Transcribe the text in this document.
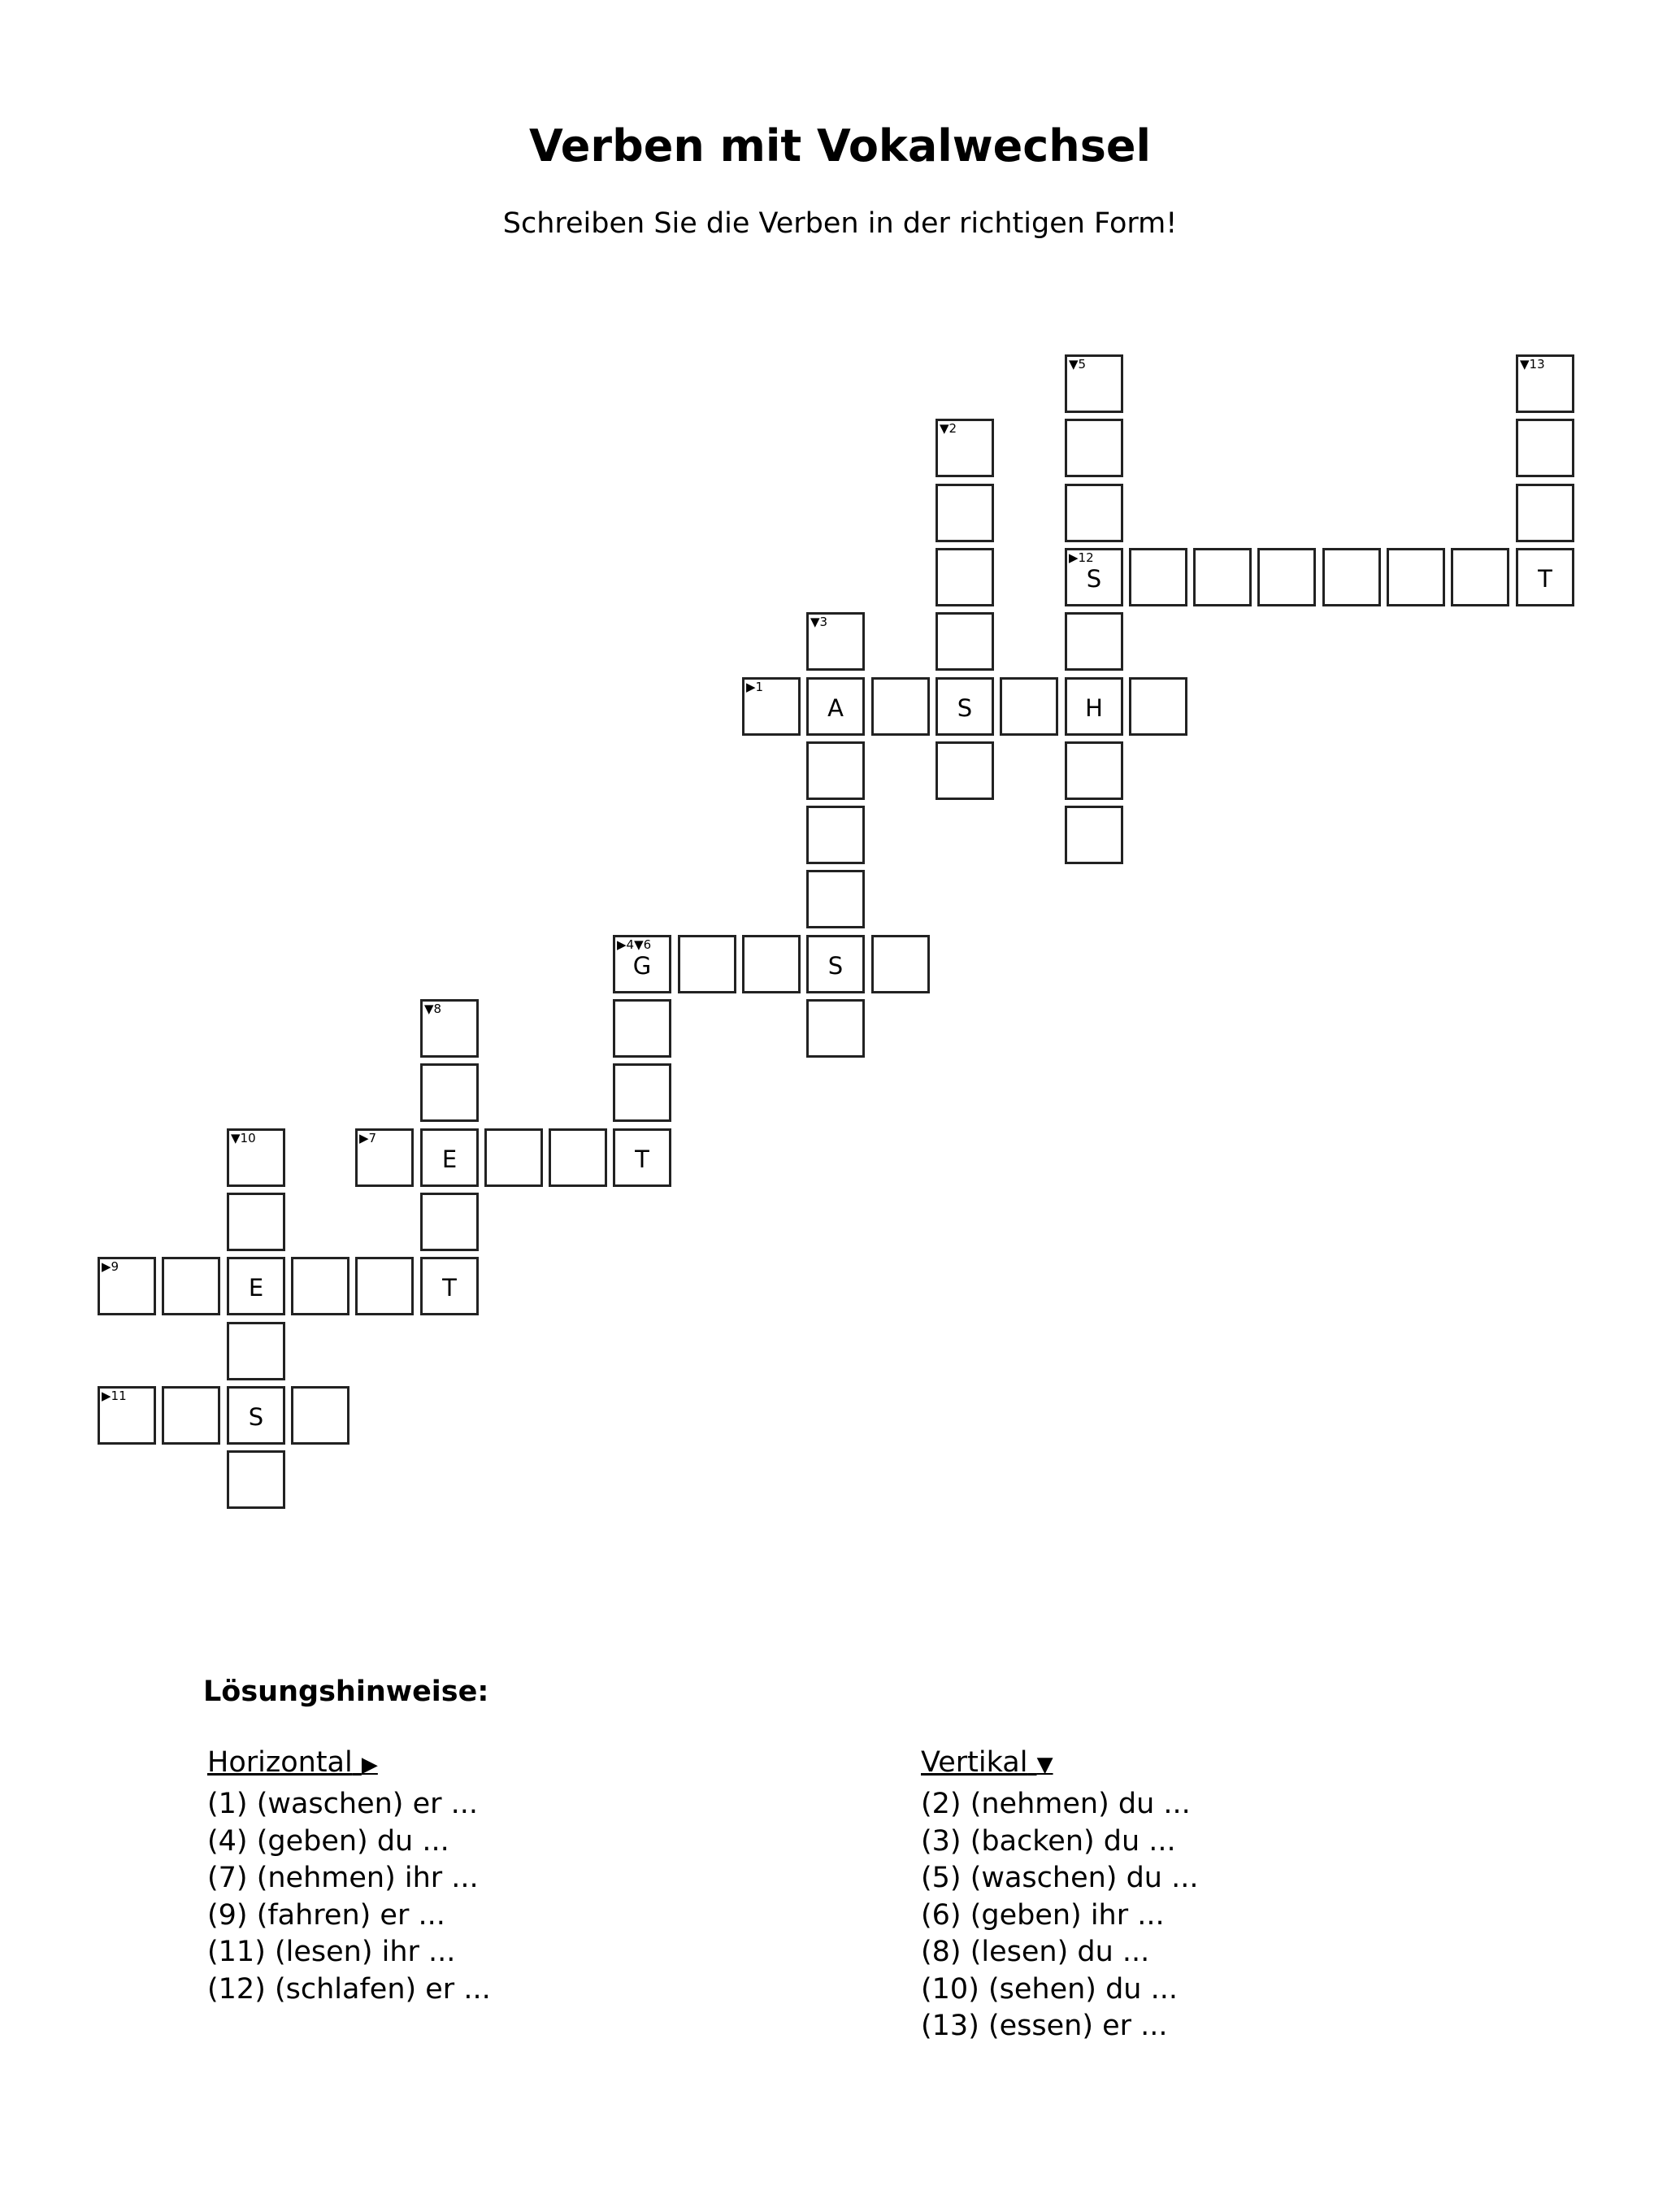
Verben mit Vokalwechsel
Schreiben Sie die Verben in der richtigen Form!
▼5	▼13
▼2
▶12
S	T
▼3
▶1
A	S	H
▶4▼6
G	S
▼8
▼10	▶7
E	T
▶9
E	T
▶11
S
Lösungshinweise:
Horizontal ▶
(1) (waschen) er ...
(4) (geben) du ...
(7) (nehmen) ihr ...
(9) (fahren) er ...
(11) (lesen) ihr ...
(12) (schlafen) er ...
Vertikal ▼
(2) (nehmen) du ...
(3) (backen) du ...
(5) (waschen) du ...
(6) (geben) ihr ...
(8) (lesen) du ...
(10) (sehen) du ...
(13) (essen) er ...
